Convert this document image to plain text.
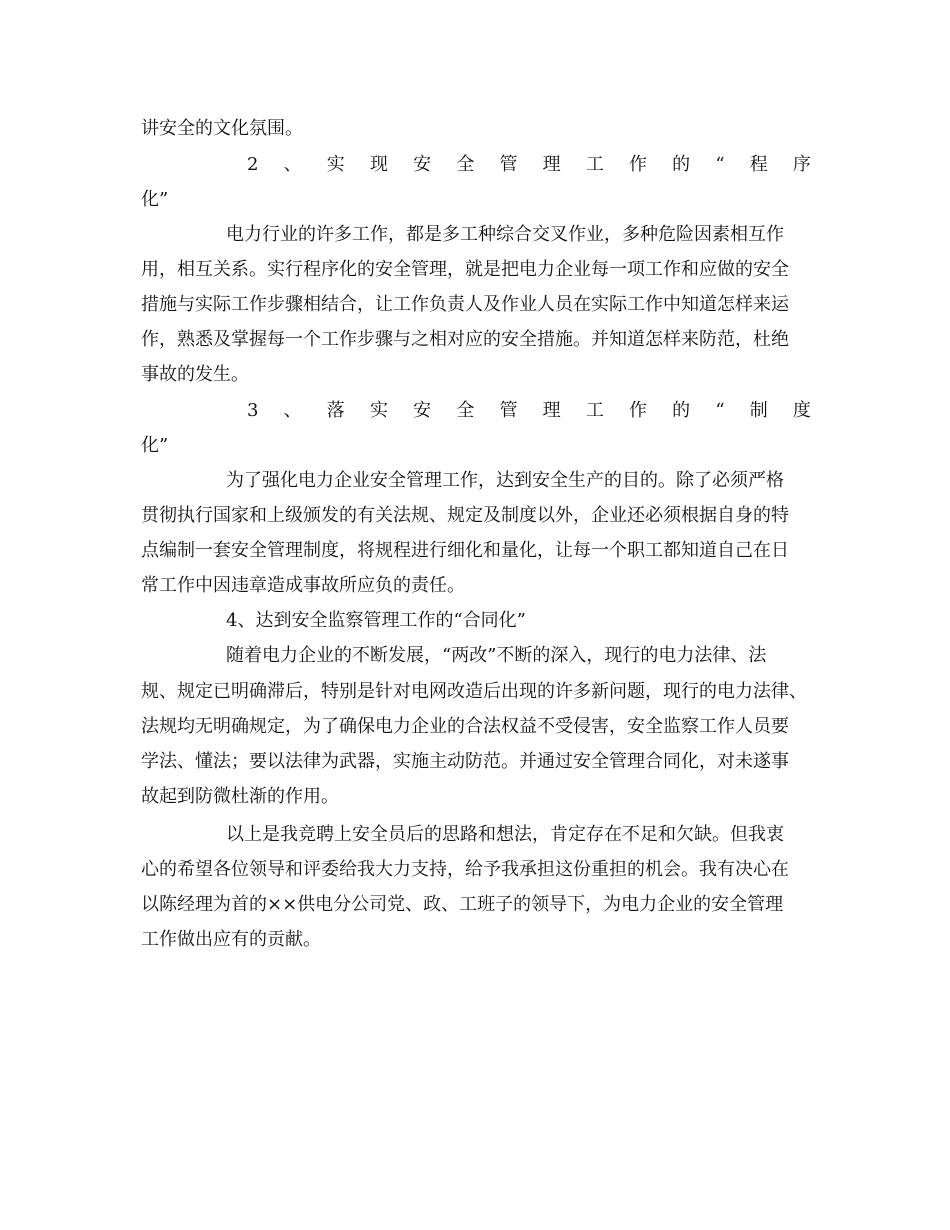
讲安全的文化氛围。
2 、 实 现 安 全 管 理 工 作 的 “ 程 序
化”
电力行业的许多工作，都是多工种综合交叉作业，多种危险因素相互作
用，相互关系。实行程序化的安全管理，就是把电力企业每一项工作和应做的安全
措施与实际工作步骤相结合，让工作负责人及作业人员在实际工作中知道怎样来运
作，熟悉及掌握每一个工作步骤与之相对应的安全措施。并知道怎样来防范，杜绝
事故的发生。
3 、 落 实 安 全 管 理 工 作 的 “ 制 度
化”
为了强化电力企业安全管理工作，达到安全生产的目的。除了必须严格
贯彻执行国家和上级颁发的有关法规、规定及制度以外，企业还必须根据自身的特
点编制一套安全管理制度，将规程进行细化和量化，让每一个职工都知道自己在日
常工作中因违章造成事故所应负的责任。
4、达到安全监察管理工作的“合同化”
随着电力企业的不断发展，“两改”不断的深入，现行的电力法律、法
规、规定已明确滞后，特别是针对电网改造后出现的许多新问题，现行的电力法律、
法规均无明确规定，为了确保电力企业的合法权益不受侵害，安全监察工作人员要
学法、懂法；要以法律为武器，实施主动防范。并通过安全管理合同化，对未遂事
故起到防微杜渐的作用。
以上是我竞聘上安全员后的思路和想法，肯定存在不足和欠缺。但我衷
心的希望各位领导和评委给我大力支持，给予我承担这份重担的机会。我有决心在
以陈经理为首的××供电分公司党、政、工班子的领导下，为电力企业的安全管理
工作做出应有的贡献。
